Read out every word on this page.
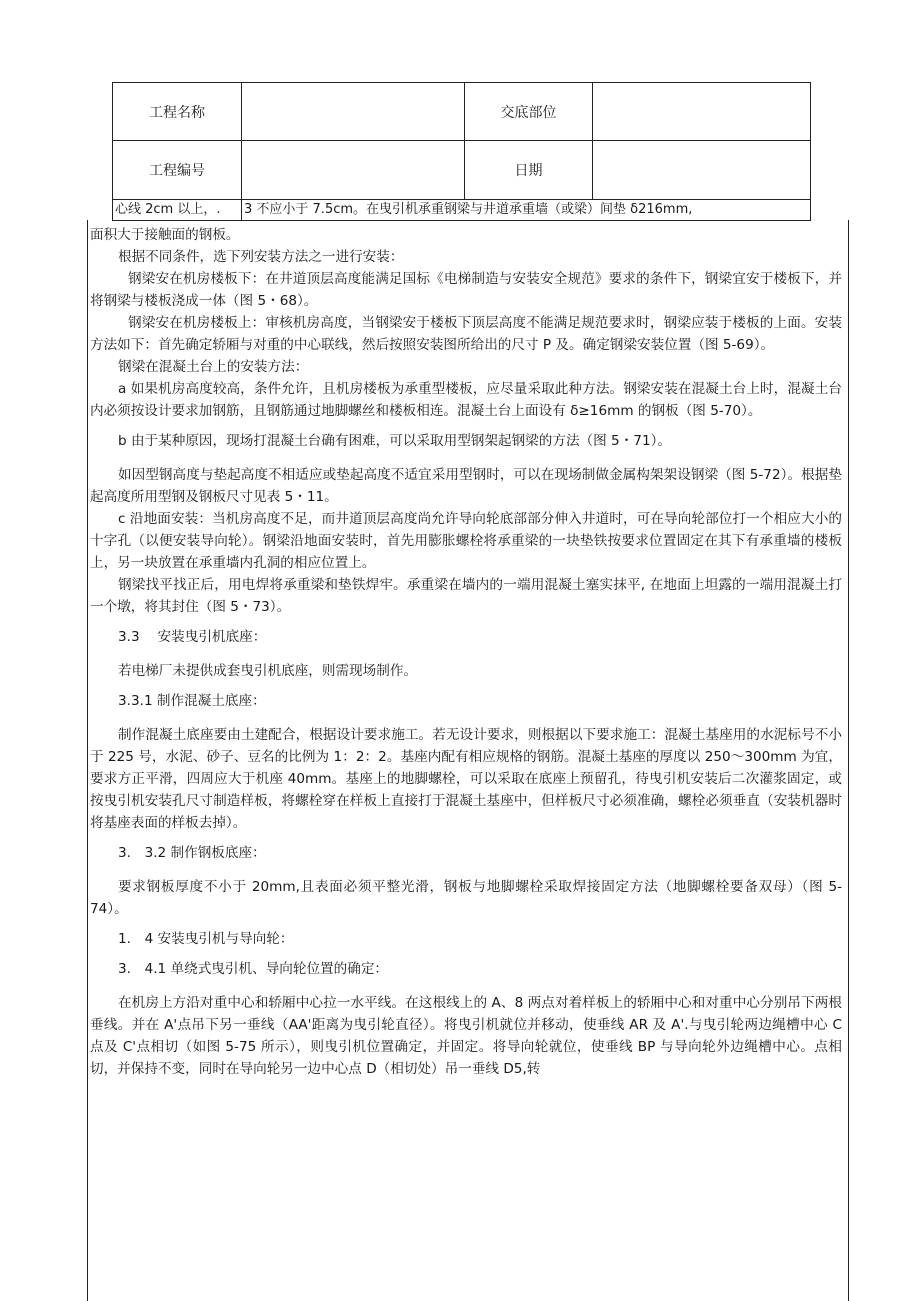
工程名称	交底部位
工程编号	日期
心线 2cm 以上，. 3 不应小于 7.5cm。在曳引机承重钢梁与井道承重墙（或梁）间垫 δ216mm,

面积大于接触面的钢板。

根据不同条件，选下列安装方法之一进行安装：

钢梁安在机房楼板下：在井道顶层高度能满足国标《电梯制造与安装安全规范》要求的条件下，钢梁宜安于楼板下，并将钢梁与楼板浇成一体（图 5・68）。

钢梁安在机房楼板上：审核机房高度，当钢梁安于楼板下顶层高度不能满足规范要求时，钢梁应装于楼板的上面。安装方法如下：首先确定轿厢与对重的中心联线，然后按照安装图所给出的尺寸 P 及。确定钢梁安装位置（图 5-69）。

钢梁在混凝土台上的安装方法：

a 如果机房高度较高，条件允许，且机房楼板为承重型楼板，应尽量采取此种方法。钢梁安装在混凝土台上时，混凝土台内必须按设计要求加钢筋，且钢筋通过地脚螺丝和楼板相连。混凝土台上面设有 δ≥16mm 的钢板（图 5-70）。

b 由于某种原因，现场打混凝土台确有困难，可以采取用型钢架起钢梁的方法（图 5・71）。

如因型钢高度与垫起高度不相适应或垫起高度不适宜采用型钢时，可以在现场制做金属构架架设钢梁（图 5-72）。根据垫起高度所用型钢及钢板尺寸见表 5・11。

c 沿地面安装：当机房高度不足，而井道顶层高度尚允许导向轮底部部分伸入井道时，可在导向轮部位打一个相应大小的十字孔（以便安装导向轮）。钢梁沿地面安装时，首先用膨胀螺栓将承重梁的一块垫铁按要求位置固定在其下有承重墙的楼板上，另一块放置在承重墙内孔洞的相应位置上。

钢梁找平找正后，用电焊将承重梁和垫铁焊牢。承重梁在墙内的一端用混凝土塞实抹平, 在地面上坦露的一端用混凝土打一个墩，将其封住（图 5・73）。

3.3　 安装曳引机底座：

若电梯厂未提供成套曳引机底座，则需现场制作。

3.3.1 制作混凝土底座：

制作混凝土底座要由土建配合，根据设计要求施工。若无设计要求，则根据以下要求施工：混凝土基座用的水泥标号不小于 225 号，水泥、砂子、豆名的比例为 1：2：2。基座内配有相应规格的钢筋。混凝土基座的厚度以 250～300mm 为宜，要求方正平滑，四周应大于机座 40mm。基座上的地脚螺栓，可以采取在底座上预留孔，待曳引机安装后二次灌浆固定，或按曳引机安装孔尺寸制造样板，将螺栓穿在样板上直接打于混凝土基座中，但样板尺寸必须准确，螺栓必须垂直（安装机器时将基座表面的样板去掉）。

3.　3.2 制作钢板底座：

要求钢板厚度不小于 20mm,且表面必须平整光滑，钢板与地脚螺栓采取焊接固定方法（地脚螺栓要备双母）（图 5-74）。

1.　4 安装曳引机与导向轮：

3.　4.1 单绕式曳引机、导向轮位置的确定：

在机房上方沿对重中心和轿厢中心拉一水平线。在这根线上的 A、8 两点对着样板上的轿厢中心和对重中心分别吊下两根垂线。并在 A'点吊下另一垂线（AA'距离为曳引轮直径）。将曳引机就位并移动，使垂线 AR 及 A'.与曳引轮两边绳槽中心 C 点及 C'点相切（如图 5-75 所示），则曳引机位置确定，并固定。将导向轮就位，使垂线 BP 与导向轮外边绳槽中心。点相切，并保持不变，同时在导向轮另一边中心点 D（相切处）吊一垂线 D5,转
